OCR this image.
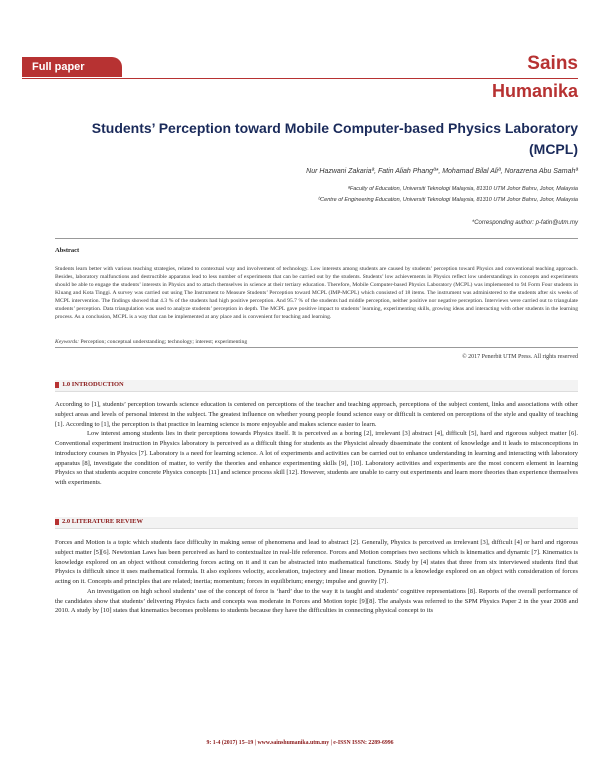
Full paper	Sains
Humanika
Students’ Perception toward Mobile Computer-based Physics Laboratory (MCPL)
Nur Hazwani Zakariaª, Fatin Aliah Phangª*, Mohamad Bilal Aliª, Norazrena Abu Samahª
ªFaculty of Education, Universiti Teknologi Malaysia, 81310 UTM Johor Bahru, Johor, Malaysia
ᵇCentre of Engineering Education, Universiti Teknologi Malaysia, 81310 UTM Johor Bahru, Johor, Malaysia
*Corresponding author: p-fatin@utm.my
Abstract
Students learn better with various teaching strategies, related to contextual way and involvement of technology. Low interests among students are caused by students’ perception toward Physics and conventional teaching approach. Besides, laboratory malfunctions and destructible apparatus lead to less number of experiments that can be carried out by the students. Students’ low achievements in Physics reflect low understandings in concepts and experiments should be able to engage the students’ interests in Physics and to attach themselves in science at their tertiary education. Therefore, Mobile Computer-based Physics Laboratory (MCPL) was implemented to 94 Form Four students in Kluang and Kota Tinggi. A survey was carried out using The Instrument to Measure Students’ Perception toward MCPL (IMP-MCPL) which consisted of 18 items. The instrument was administered to the students after six weeks of MCPL intervention. The findings showed that 4.3 % of the students had high positive perception. And 95.7 % of the students had middle perception, neither positive nor negative perception. Interviews were carried out to triangulate students’ perception. Data triangulation was used to analyze students’ perception in depth. The MCPL gave positive impact to students’ learning, experimenting skills, growing ideas and interacting with other students in the learning process. As a conclusion, MCPL is a way that can be implemented at any place and is convenient for teaching and learning.
Keywords: Perception; conceptual understanding; technology; interest; experimenting
© 2017 Penerbit UTM Press. All rights reserved
1.0 INTRODUCTION

According to [1], students’ perception towards science education is centered on perceptions of the teacher and teaching approach, perceptions of the subject content, links and associations with other subject areas and levels of personal interest in the subject. The greatest influence on whether young people found science easy or difficult is centered on perceptions of the style and quality of teaching [1]. According to [1], the perception is that practice in learning science is more enjoyable and makes science easier to learn.

Low interest among students lies in their perceptions towards Physics itself. It is perceived as a boring [2], irrelevant [3] abstract [4], difficult [5], hard and rigorous subject matter [6]. Conventional experiment instruction in Physics laboratory is perceived as a difficult thing for students as the Physicist already disseminate the content of knowledge and it leads to misconceptions in introductory courses in Physics [7]. Laboratory is a need for learning science. A lot of experiments and activities can be carried out to enhance understanding in learning and interacting with laboratory apparatus [8], investigate the condition of matter, to verify the theories and enhance experimenting skills [9], [10]. Laboratory activities and experiments are the most concern element in learning Physics so that students acquire concrete Physics concepts [11] and science process skill [12]. However, students are unable to carry out experiments and learn more theories than experience themselves with experiments.

2.0 LITERATURE REVIEW

Forces and Motion is a topic which students face difficulty in making sense of phenomena and lead to abstract [2]. Generally, Physics is perceived as irrelevant [3], difficult [4] or hard and rigorous subject matter [5][6]. Newtonian Laws has been perceived as hard to contextualize in real-life reference. Forces and Motion comprises two sections which is kinematics and dynamic [7]. Kinematics is knowledge explored on an object without considering forces acting on it and it can be abstracted into mathematical functions. Study by [4] states that three from six interviewed students find that Physics is difficult since it uses mathematical formula. It also explores velocity, acceleration, trajectory and linear motion. Dynamic is a knowledge explored on an object with consideration of forces acting on it. Concepts and principles that are related; inertia; momentum; forces in equilibrium; energy; impulse and gravity [7].

An investigation on high school students’ use of the concept of force is ‘hard’ due to the way it is taught and students’ cognitive representations [8]. Reports of the overall performance of the candidates show that students’ delivering Physics facts and concepts was moderate in Forces and Motion topic [9][8]. The analysis was referred to the SPM Physics Paper 2 in the year 2008 and 2010. A study by [10] states that kinematics becomes problems to students because they have the difficulties in connecting physical concept to its

9: 1-4 (2017) 15–19 | www.sainshumanika.utm.my | e-ISSN ISSN: 2289-6996
